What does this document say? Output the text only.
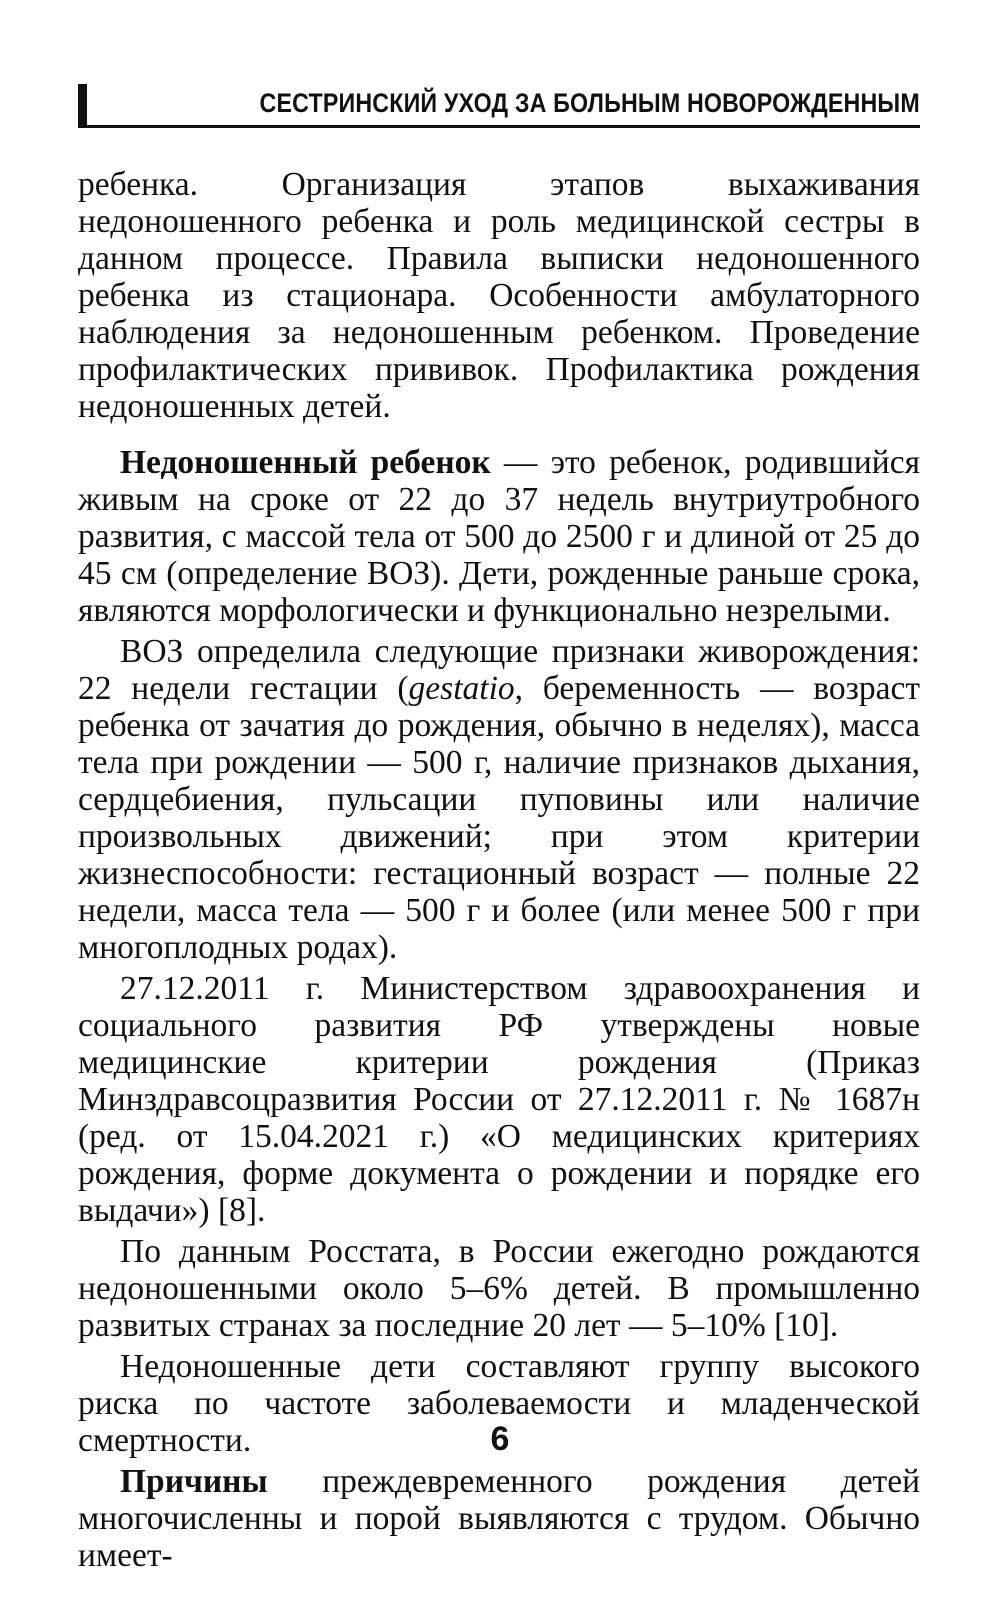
СЕСТРИНСКИЙ УХОД ЗА БОЛЬНЫМ НОВОРОЖДЕННЫМ

ребенка. Организация этапов выхаживания недоношенного ребенка и роль медицинской сестры в данном процессе. Правила выписки недоношенного ребенка из стационара. Особенности амбулаторного наблюдения за недоношенным ребенком. Проведение профилактических прививок. Профилактика рождения недоношенных детей.

Недоношенный ребенок — это ребенок, родившийся живым на сроке от 22 до 37 недель внутриутробного развития, с массой тела от 500 до 2500 г и длиной от 25 до 45 см (определение ВОЗ). Дети, рожденные раньше срока, являются морфологически и функционально незрелыми.

ВОЗ определила следующие признаки живорождения: 22 недели гестации (gestatio, беременность — возраст ребенка от зачатия до рождения, обычно в неделях), масса тела при рождении — 500 г, наличие признаков дыхания, сердцебиения, пульсации пуповины или наличие произвольных движений; при этом критерии жизнеспособности: гестационный возраст — полные 22 недели, масса тела — 500 г и более (или менее 500 г при многоплодных родах).

27.12.2011 г. Министерством здравоохранения и социального развития РФ утверждены новые медицинские критерии рождения (Приказ Минздравсоцразвития России от 27.12.2011 г. № 1687н (ред. от 15.04.2021 г.) «О медицинских критериях рождения, форме документа о рождении и порядке его выдачи») [8].

По данным Росстата, в России ежегодно рождаются недоношенными около 5–6% детей. В промышленно развитых странах за последние 20 лет — 5–10% [10].

Недоношенные дети составляют группу высокого риска по частоте заболеваемости и младенческой смертности.

Причины преждевременного рождения детей многочисленны и порой выявляются с трудом. Обычно имеет-

6
